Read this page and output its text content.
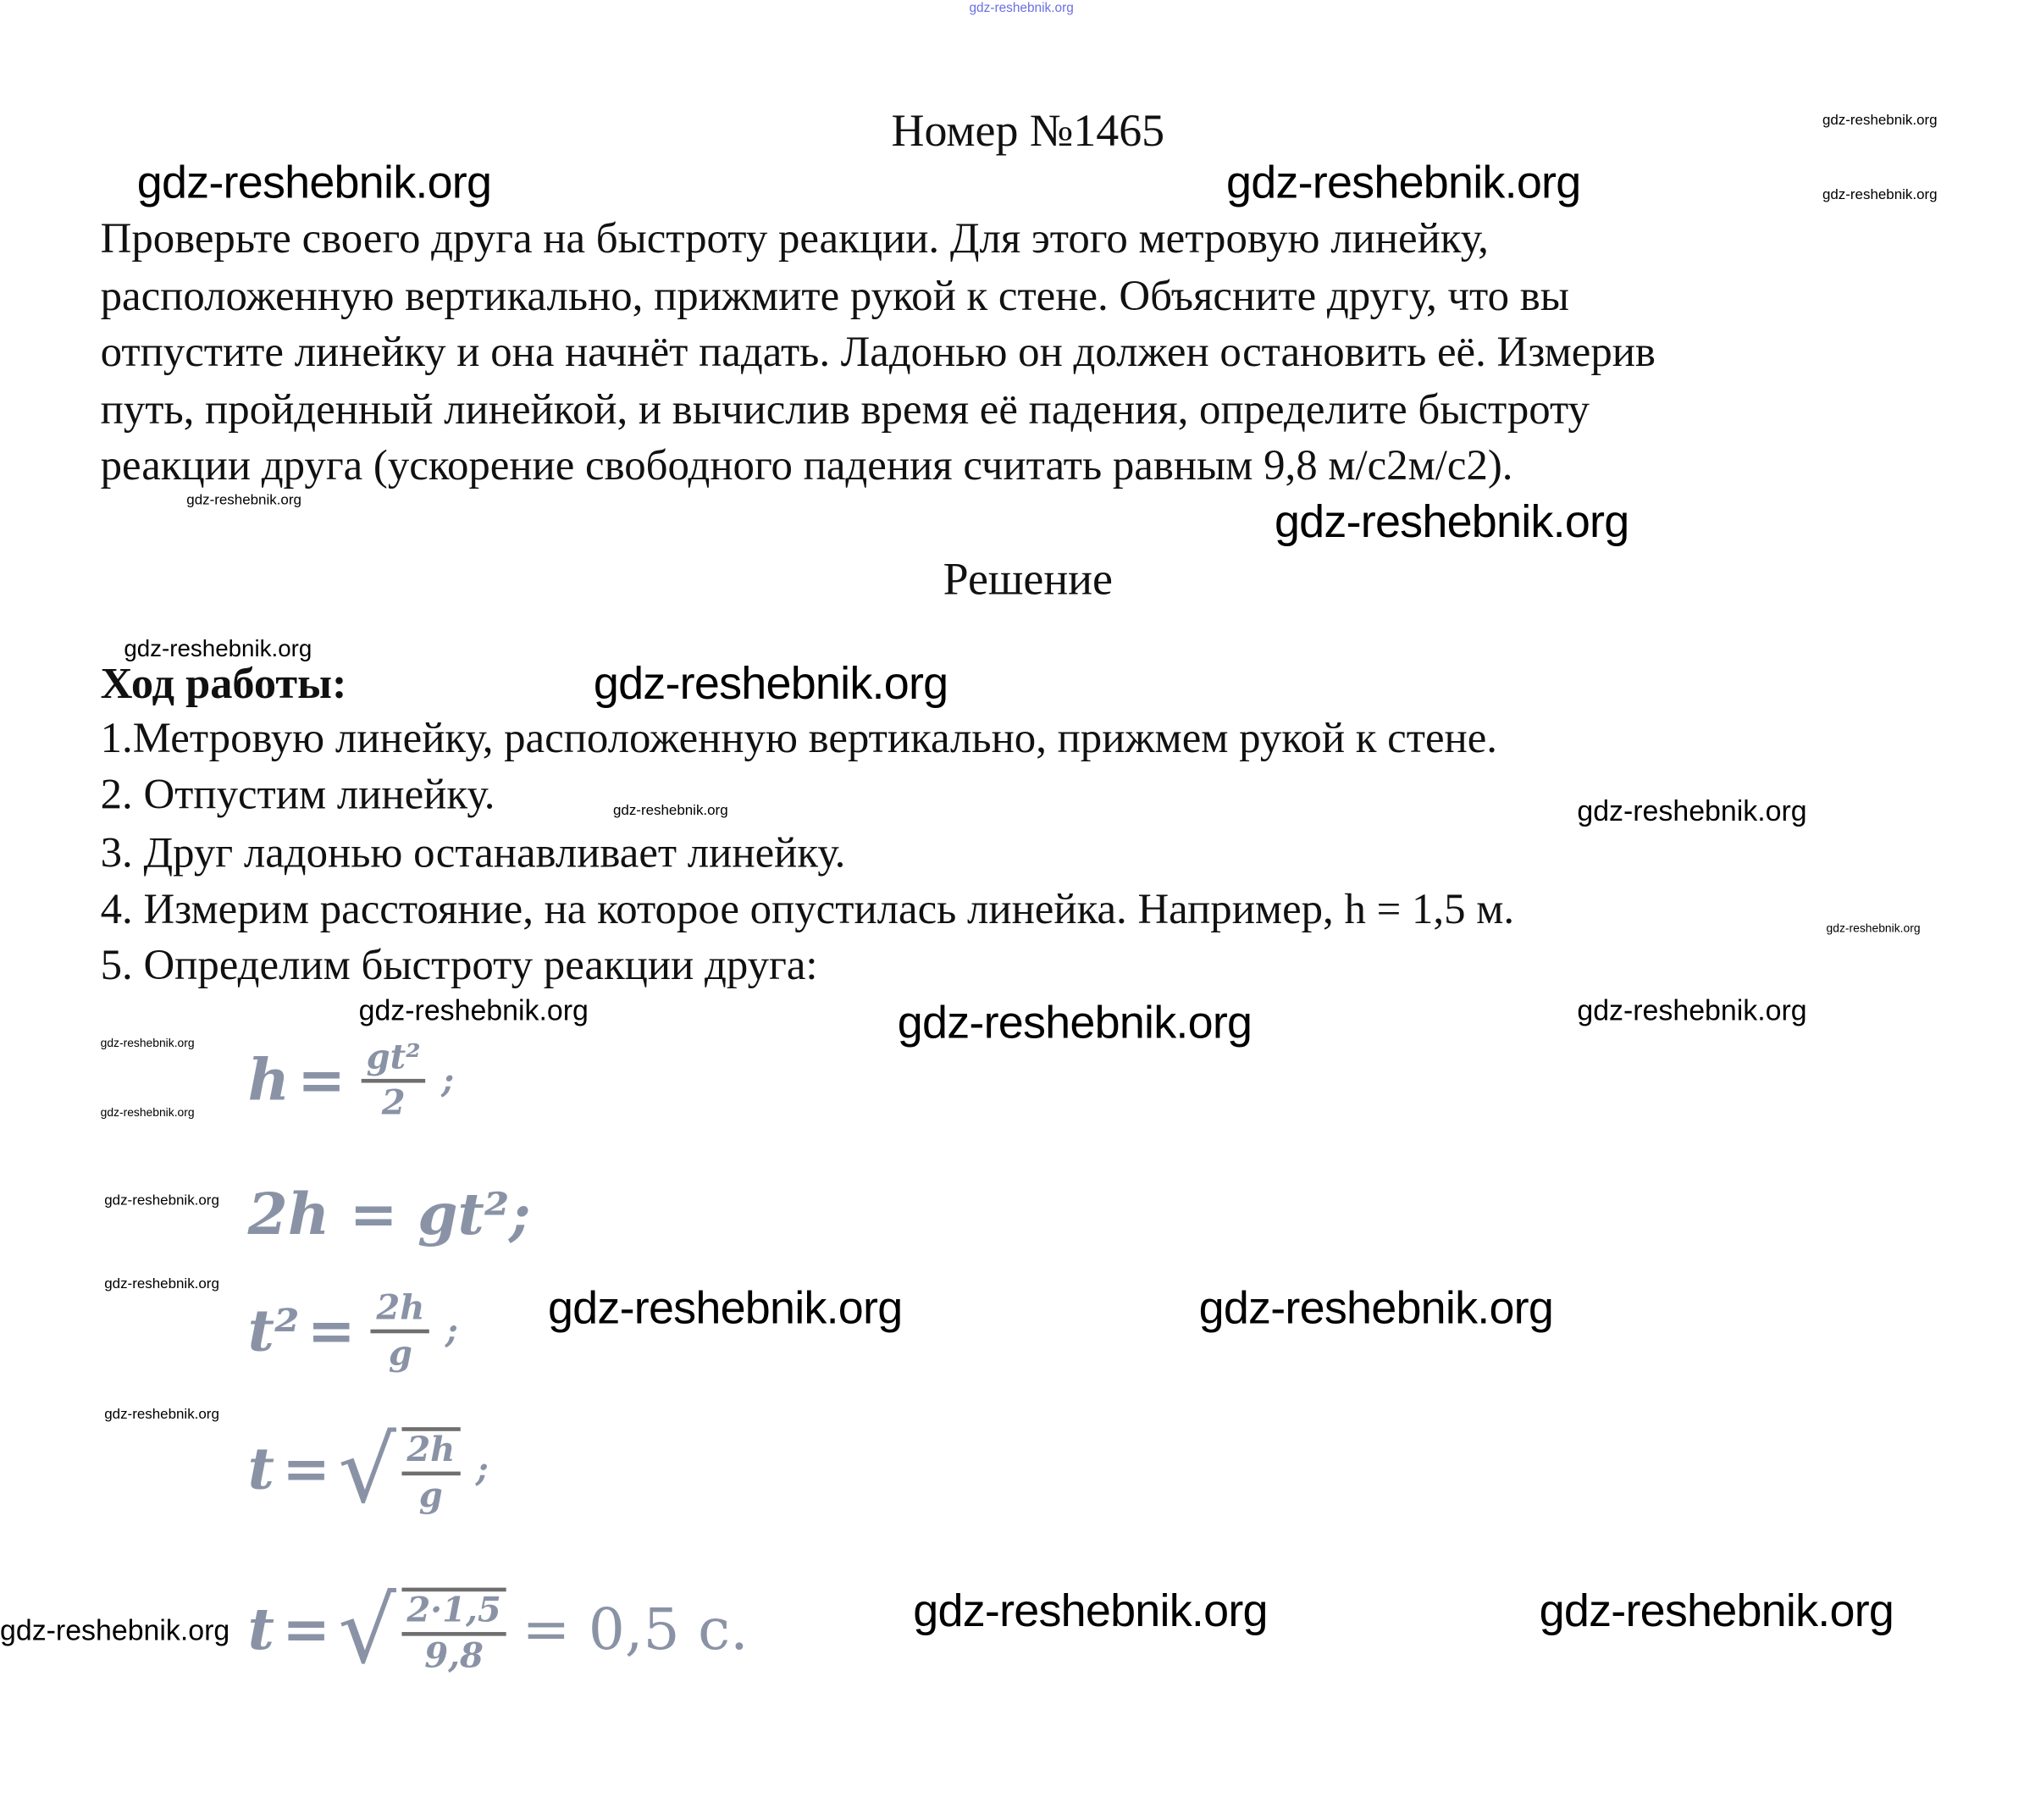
gdz-reshebnik.org
Номер №1465	gdz-reshebnik.org
gdz-reshebnik.org
Проверьте своего друга на быстроту реакции. Для этого метровую линейку,
расположенную вертикально, прижмите рукой к стене. Объясните другу, что вы
отпустите линейку и она начнёт падать. Ладонью он должен остановить её. Измерив
путь, пройденный линейкой, и вычислив время её падения, определите быстроту
реакции друга (ускорение свободного падения считать равным 9,8 м/с2м/с2).
gdz-reshebnik.org	gdz-reshebnik.org
gdz-reshebnik.org	gdz-reshebnik.org
Решение
gdz-reshebnik.org
Ход работы:
1.Метровую линейку, расположенную вертикально, прижмем рукой к стене.
2. Отпустим линейку.
3. Друг ладонью останавливает линейку.
4. Измерим расстояние, на которое опустилась линейка. Например, h = 1,5 м.
5. Определим быстроту реакции друга:
gdz-reshebnik.org
gdz-reshebnik.org	gdz-reshebnik.org
gdz-reshebnik.org
gdz-reshebnik.org	gdz-reshebnik.org	gdz-reshebnik.org
gdz-reshebnik.org
gdz-reshebnik.org
gdz-reshebnik.org
gdz-reshebnik.org
gdz-reshebnik.org
gdz-reshebnik.org	gdz-reshebnik.org
h = gt²
2
;
2h = gt²;
t² = 2h
g
;
t = √ 2h
g
;
t = √ 2·1,5
9,8 = 0,5 с.
gdz-reshebnik.org	gdz-reshebnik.org	gdz-reshebnik.org
